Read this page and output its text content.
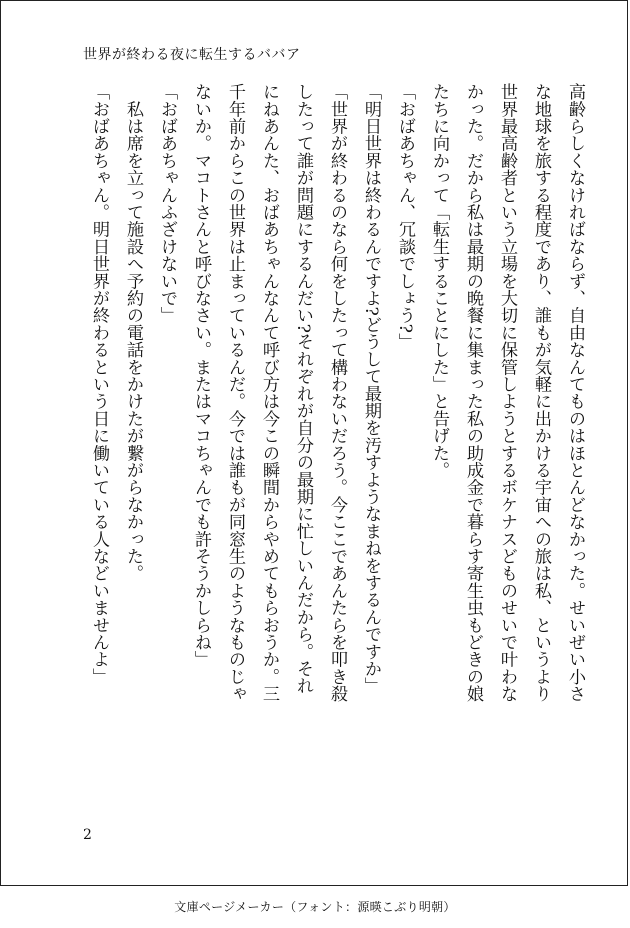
世界が終わる夜に転生するババア
高齢らしくなければならず、自由なんてものはほとんどなかった。せいぜい小さ
な地球を旅する程度であり、誰もが気軽に出かける宇宙への旅は私、というより
世界最高齢者という立場を大切に保管しようとするボケナスどものせいで叶わな
かった。だから私は最期の晩餐に集まった私の助成金で暮らす寄生虫もどきの娘
たちに向かって「転生することにした」と告げた。
「おばあちゃん、冗談でしょう?」
「明日世界は終わるんですよ?どうして最期を汚すようなまねをするんですか」
「世界が終わるのなら何をしたって構わないだろう。今ここであんたらを叩き殺
したって誰が問題にするんだい?それぞれが自分の最期に忙しいんだから。それ
にねあんた、おばあちゃんなんて呼び方は今この瞬間からやめてもらおうか。三
千年前からこの世界は止まっているんだ。今では誰もが同窓生のようなものじゃ
ないか。マコトさんと呼びなさい。またはマコちゃんでも許そうかしらね」
「おばあちゃんふざけないで」
　私は席を立って施設へ予約の電話をかけたが繋がらなかった。
「おばあちゃん。明日世界が終わるという日に働いている人などいませんよ」
2
文庫ページメーカー（フォント：源暎こぶり明朝）
